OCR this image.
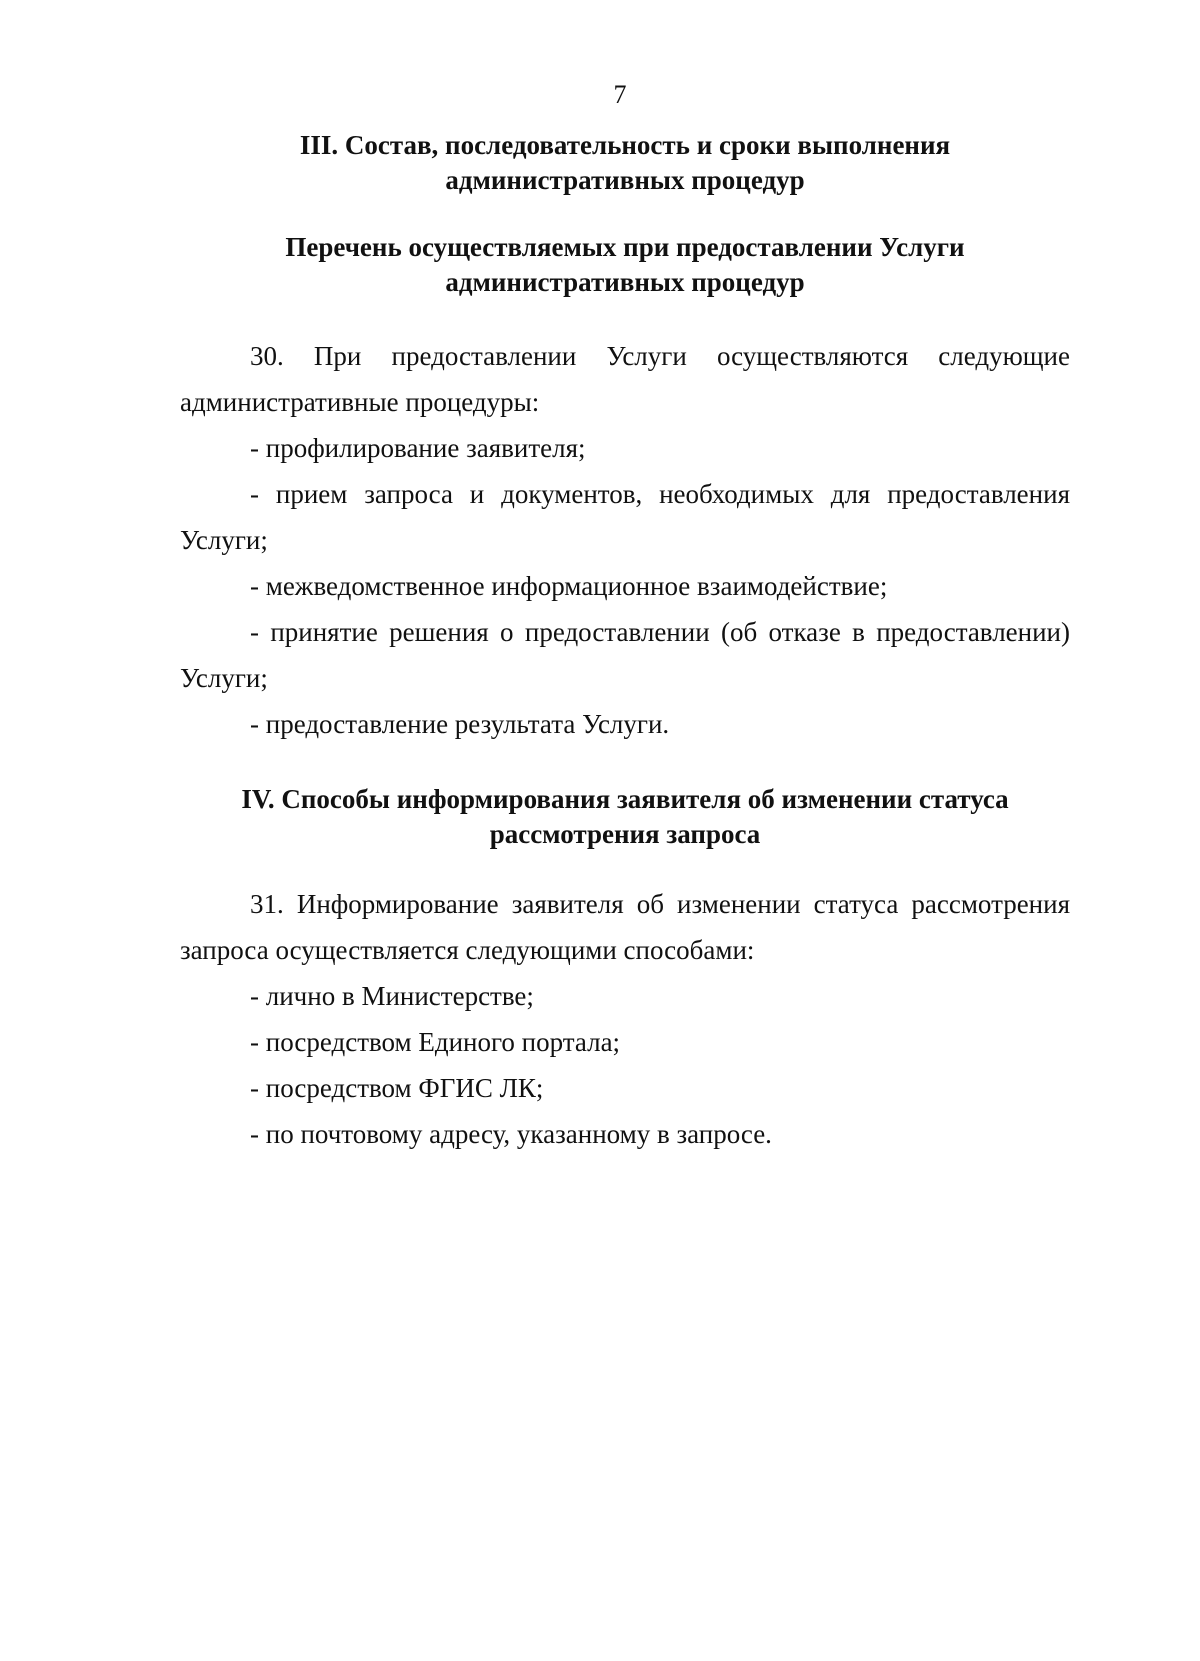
7
III. Состав, последовательность и сроки выполнения
административных процедур
Перечень осуществляемых при предоставлении Услуги
административных процедур
30. При предоставлении Услуги осуществляются следующие
административные процедуры:
- профилирование заявителя;
- прием запроса и документов, необходимых для предоставления
Услуги;
- межведомственное информационное взаимодействие;
- принятие решения о предоставлении (об отказе в предоставлении)
Услуги;
- предоставление результата Услуги.
IV. Способы информирования заявителя об изменении статуса
рассмотрения запроса
31. Информирование заявителя об изменении статуса рассмотрения
запроса осуществляется следующими способами:
- лично в Министерстве;
- посредством Единого портала;
- посредством ФГИС ЛК;
- по почтовому адресу, указанному в запросе.
